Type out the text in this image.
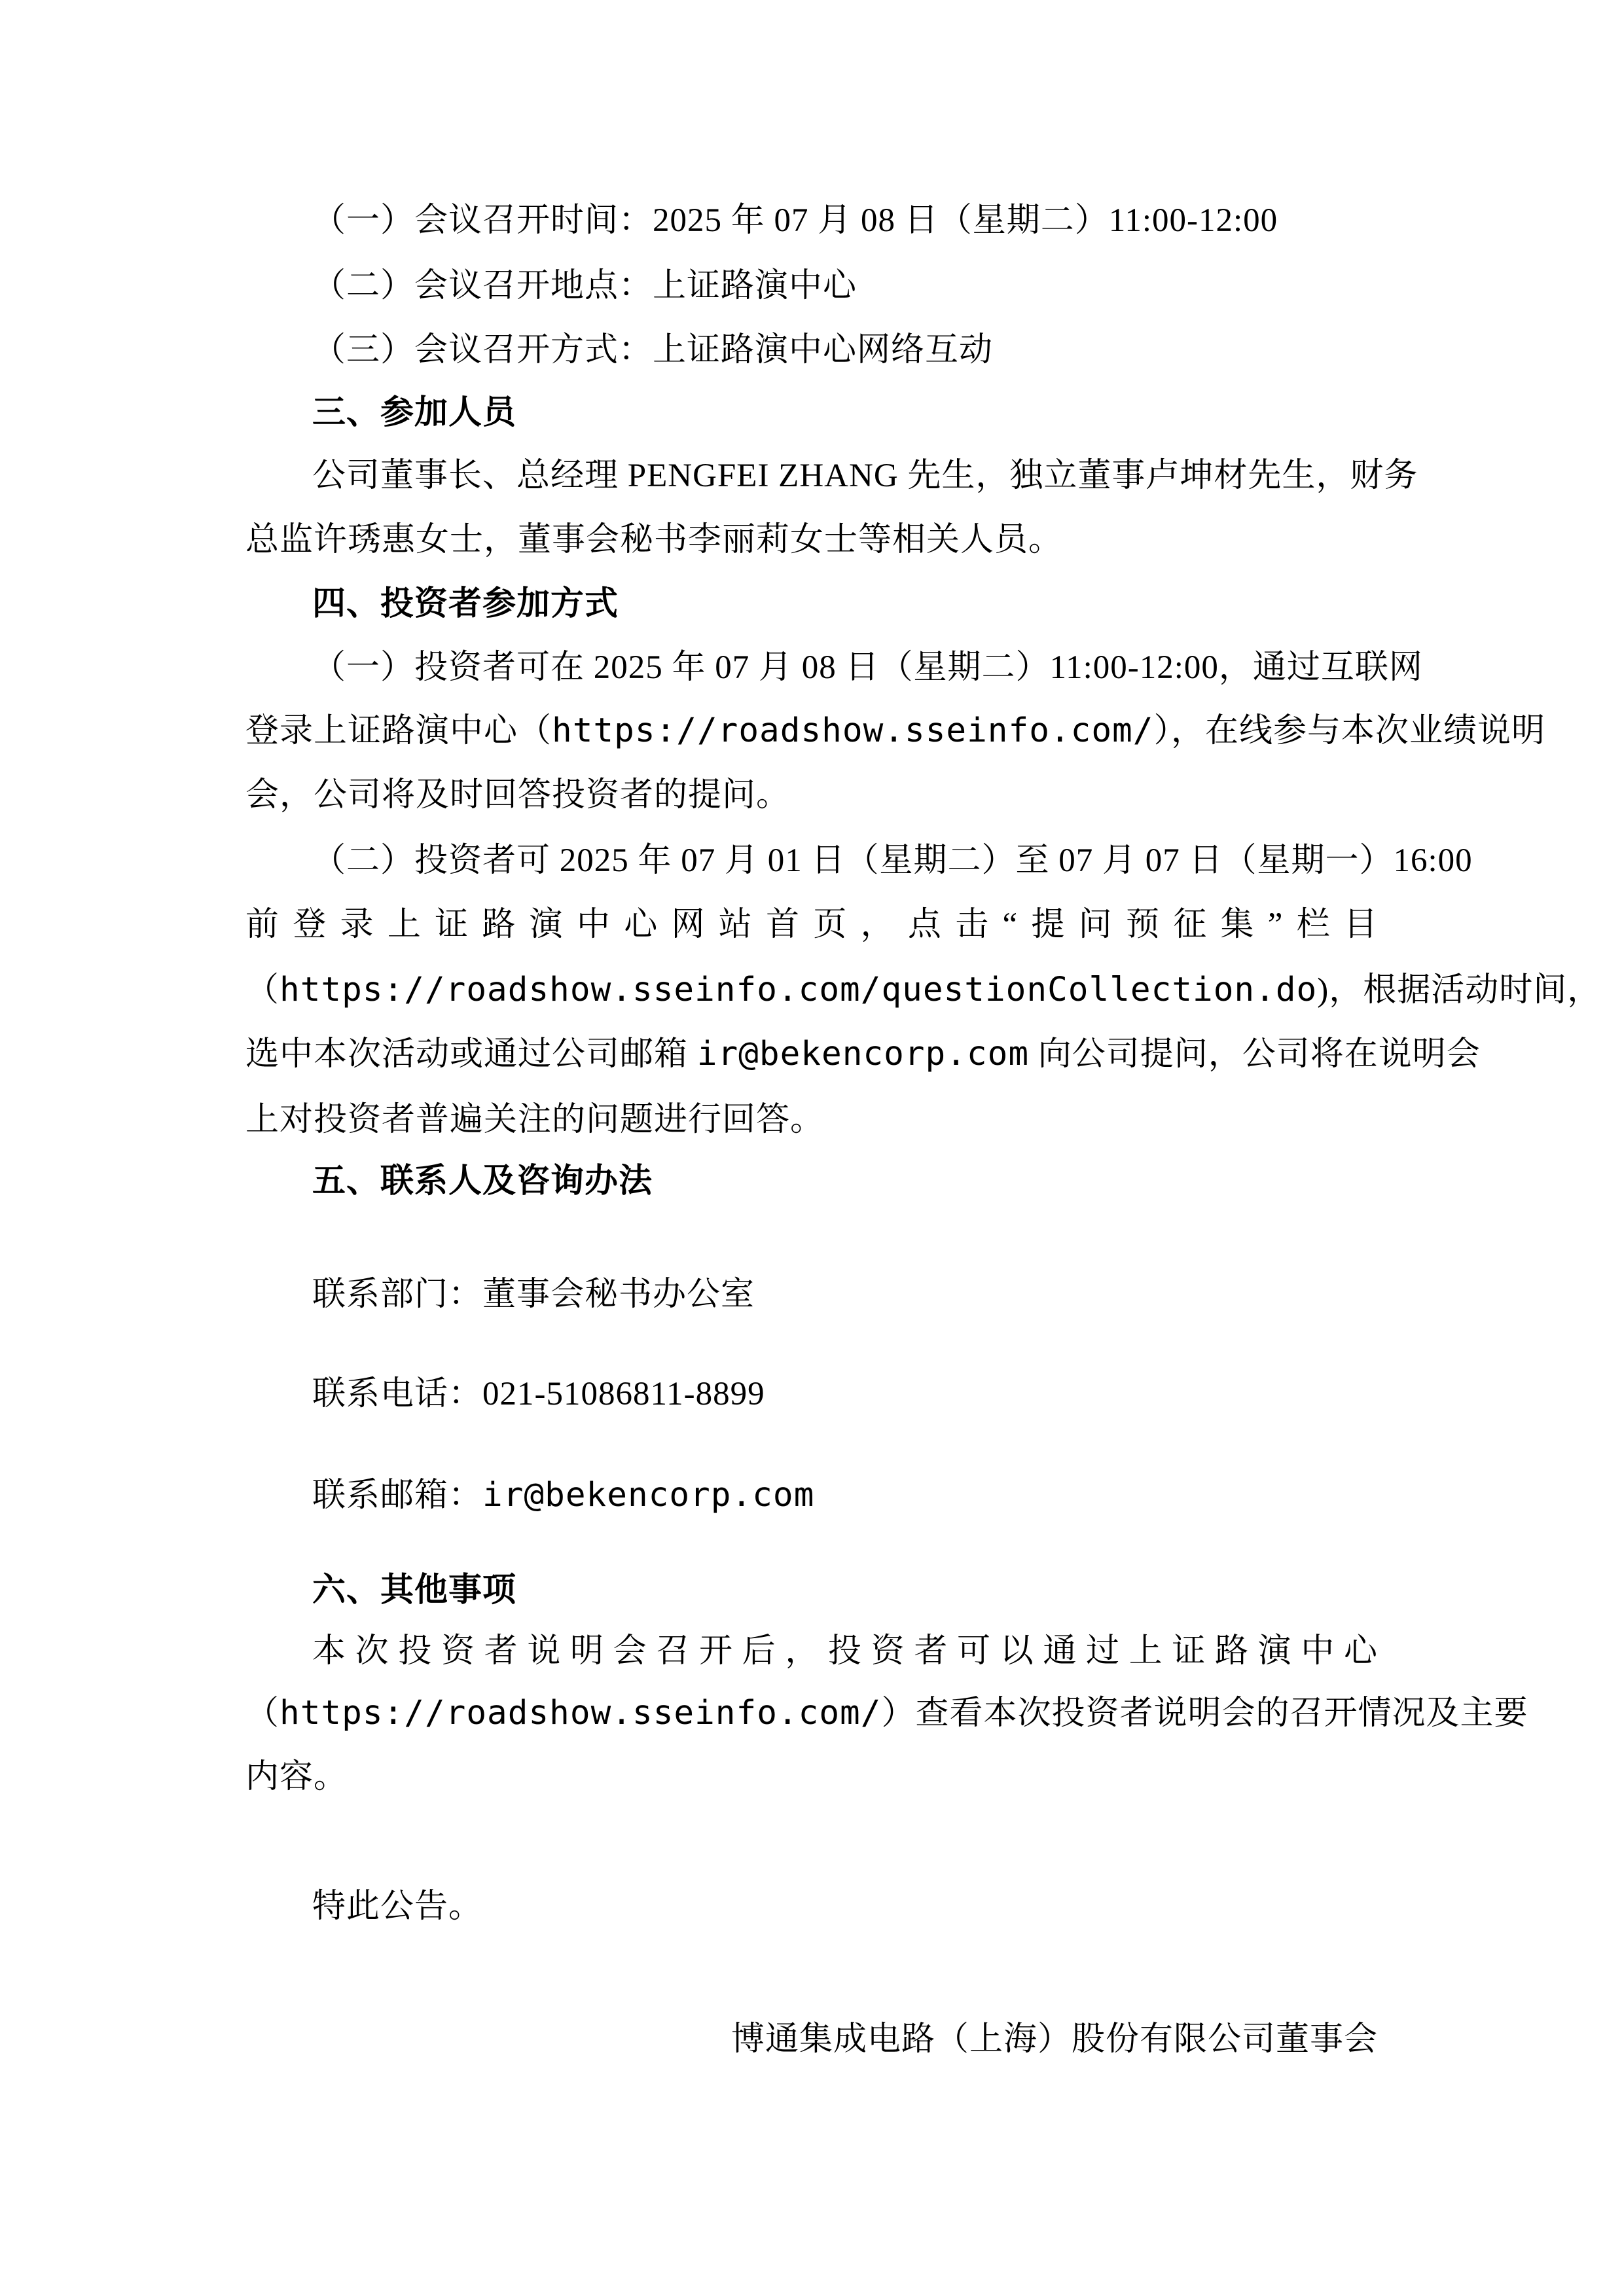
（一）会议召开时间：2025 年 07 月 08 日（星期二）11:00-12:00
（二）会议召开地点：上证路演中心
（三）会议召开方式：上证路演中心网络互动
三、参加人员
公司董事长、总经理 PENGFEI ZHANG 先生，独立董事卢坤材先生，财务
总监许琇惠女士，董事会秘书李丽莉女士等相关人员。
四、投资者参加方式
（一）投资者可在 2025 年 07 月 08 日（星期二）11:00-12:00，通过互联网
登录上证路演中心（https://roadshow.sseinfo.com/），在线参与本次业绩说明
会，公司将及时回答投资者的提问。
（二）投资者可 2025 年 07 月 01 日（星期二）至 07 月 07 日（星期一）16:00
前登录上证路演中心网站首页，点击“提问预征集”栏目
（https://roadshow.sseinfo.com/questionCollection.do)，根据活动时间，
选中本次活动或通过公司邮箱 ir@bekencorp.com 向公司提问，公司将在说明会
上对投资者普遍关注的问题进行回答。
五、联系人及咨询办法
联系部门：董事会秘书办公室
联系电话：021-51086811-8899
联系邮箱：ir@bekencorp.com
六、其他事项
本次投资者说明会召开后，投资者可以通过上证路演中心
（https://roadshow.sseinfo.com/）查看本次投资者说明会的召开情况及主要
内容。
特此公告。
博通集成电路（上海）股份有限公司董事会
